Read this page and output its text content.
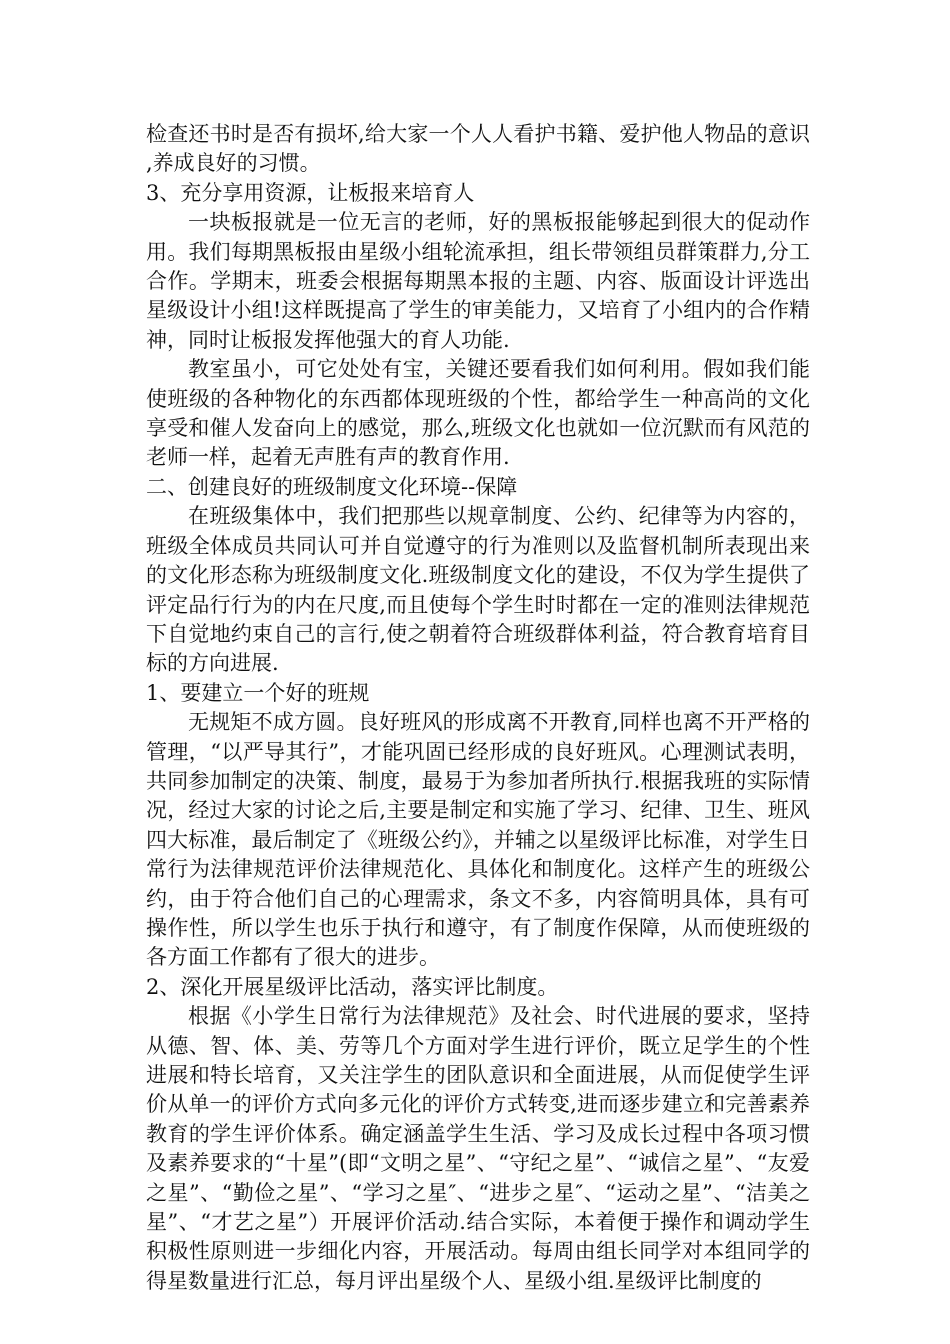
检查还书时是否有损坏,给大家一个人人看护书籍、爱护他人物品的意识,养成良好的习惯。

3、充分享用资源，让板报来培育人

一块板报就是一位无言的老师，好的黑板报能够起到很大的促动作用。我们每期黑板报由星级小组轮流承担，组长带领组员群策群力,分工合作。学期末，班委会根据每期黑本报的主题、内容、版面设计评选出星级设计小组!这样既提高了学生的审美能力，又培育了小组内的合作精神，同时让板报发挥他强大的育人功能.

教室虽小，可它处处有宝，关键还要看我们如何利用。假如我们能使班级的各种物化的东西都体现班级的个性，都给学生一种高尚的文化享受和催人发奋向上的感觉，那么,班级文化也就如一位沉默而有风范的老师一样，起着无声胜有声的教育作用.

二、创建良好的班级制度文化环境--保障

在班级集体中，我们把那些以规章制度、公约、纪律等为内容的，班级全体成员共同认可并自觉遵守的行为准则以及监督机制所表现出来的文化形态称为班级制度文化.班级制度文化的建设，不仅为学生提供了评定品行行为的内在尺度,而且使每个学生时时都在一定的准则法律规范下自觉地约束自己的言行,使之朝着符合班级群体利益，符合教育培育目标的方向进展.

1、要建立一个好的班规

无规矩不成方圆。良好班风的形成离不开教育,同样也离不开严格的管理，“以严导其行”，才能巩固已经形成的良好班风。心理测试表明，共同参加制定的决策、制度，最易于为参加者所执行.根据我班的实际情况，经过大家的讨论之后,主要是制定和实施了学习、纪律、卫生、班风四大标准，最后制定了《班级公约》，并辅之以星级评比标准，对学生日常行为法律规范评价法律规范化、具体化和制度化。这样产生的班级公约，由于符合他们自己的心理需求，条文不多，内容简明具体，具有可操作性，所以学生也乐于执行和遵守，有了制度作保障，从而使班级的各方面工作都有了很大的进步。

2、深化开展星级评比活动，落实评比制度。

根据《小学生日常行为法律规范》及社会、时代进展的要求，坚持从德、智、体、美、劳等几个方面对学生进行评价，既立足学生的个性进展和特长培育，又关注学生的团队意识和全面进展，从而促使学生评价从单一的评价方式向多元化的评价方式转变,进而逐步建立和完善素养教育的学生评价体系。确定涵盖学生生活、学习及成长过程中各项习惯及素养要求的“十星”(即“文明之星”、“守纪之星”、“诚信之星”、“友爱之星”、“勤俭之星”、“学习之星″、“进步之星″、“运动之星”、“洁美之星”、“才艺之星”）开展评价活动.结合实际，本着便于操作和调动学生积极性原则进一步细化内容，开展活动。每周由组长同学对本组同学的得星数量进行汇总，每月评出星级个人、星级小组.星级评比制度的
